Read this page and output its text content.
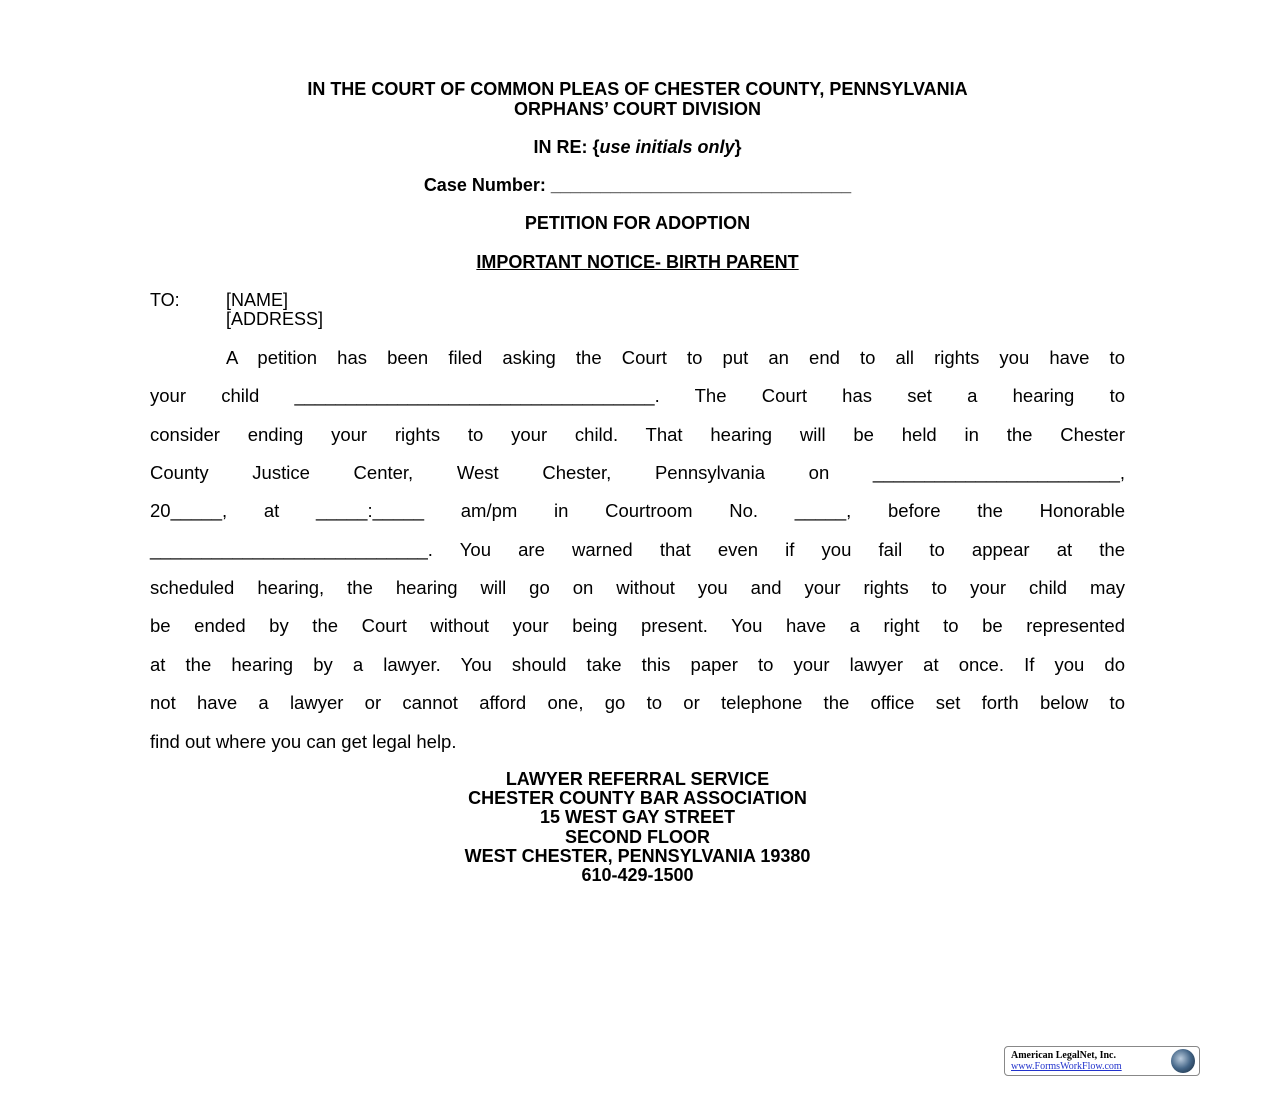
IN THE COURT OF COMMON PLEAS OF CHESTER COUNTY, PENNSYLVANIA
ORPHANS’ COURT DIVISION
IN RE: {use initials only}
Case Number: ______________________________
PETITION FOR ADOPTION
IMPORTANT NOTICE- BIRTH PARENT
TO:	[NAME]
[ADDRESS]
A petition has been filed asking the Court to put an end to all rights you have to
your child ___________________________________. The Court has set a hearing to
consider ending your rights to your child. That hearing will be held in the Chester
County Justice Center, West Chester, Pennsylvania on ________________________,
20_____, at _____:_____ am/pm in Courtroom No. _____, before the Honorable
___________________________. You are warned that even if you fail to appear at the
scheduled hearing, the hearing will go on without you and your rights to your child may
be ended by the Court without your being present. You have a right to be represented
at the hearing by a lawyer. You should take this paper to your lawyer at once. If you do
not have a lawyer or cannot afford one, go to or telephone the office set forth below to
find out where you can get legal help.
LAWYER REFERRAL SERVICE
CHESTER COUNTY BAR ASSOCIATION
15 WEST GAY STREET
SECOND FLOOR
WEST CHESTER, PENNSYLVANIA 19380
610-429-1500
American LegalNet, Inc.
www.FormsWorkFlow.com
